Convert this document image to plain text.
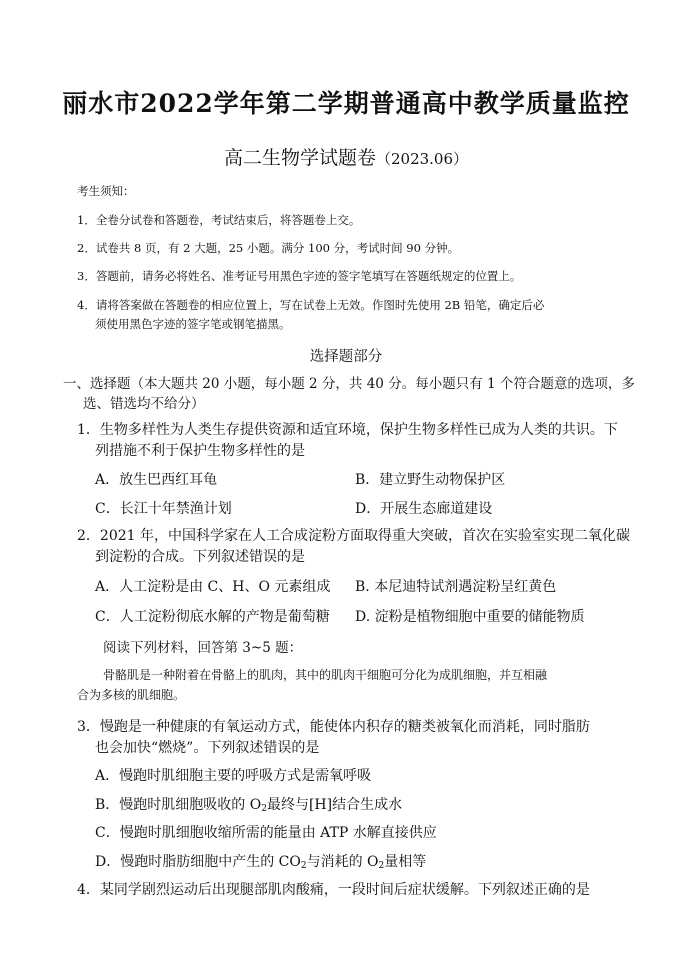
丽水市2022学年第二学期普通高中教学质量监控
高二生物学试题卷（2023.06）
考生须知：
1．全卷分试卷和答题卷，考试结束后，将答题卷上交。
2．试卷共 8 页，有 2 大题，25 小题。满分 100 分，考试时间 90 分钟。
3．答题前，请务必将姓名、准考证号用黑色字迹的签字笔填写在答题纸规定的位置上。
4．请将答案做在答题卷的相应位置上，写在试卷上无效。作图时先使用 2B 铅笔，确定后必
须使用黑色字迹的签字笔或钢笔描黑。
选择题部分
一、选择题（本大题共 20 小题，每小题 2 分，共 40 分。每小题只有 1 个符合题意的选项，多
选、错选均不给分）
1．生物多样性为人类生存提供资源和适宜环境，保护生物多样性已成为人类的共识。下
列措施不利于保护生物多样性的是
A．放生巴西红耳龟	B．建立野生动物保护区
C．长江十年禁渔计划	D．开展生态廊道建设
2．2021 年，中国科学家在人工合成淀粉方面取得重大突破，首次在实验室实现二氧化碳
到淀粉的合成。下列叙述错误的是
A．人工淀粉是由 C、H、O 元素组成 B. 本尼迪特试剂遇淀粉呈红黄色
C．人工淀粉彻底水解的产物是葡萄糖 D. 淀粉是植物细胞中重要的储能物质
阅读下列材料，回答第 3~5 题：
骨骼肌是一种附着在骨骼上的肌肉，其中的肌肉干细胞可分化为成肌细胞，并互相融
合为多核的肌细胞。
3．慢跑是一种健康的有氧运动方式，能使体内积存的糖类被氧化而消耗，同时脂肪
也会加快“燃烧”。下列叙述错误的是
A．慢跑时肌细胞主要的呼吸方式是需氧呼吸
B．慢跑时肌细胞吸收的 $O_2$最终与[H]结合生成水
C．慢跑时肌细胞收缩所需的能量由 ATP 水解直接供应
D．慢跑时脂肪细胞中产生的 $CO_2$与消耗的 $O_2$量相等
4．某同学剧烈运动后出现腿部肌肉酸痛，一段时间后症状缓解。下列叙述正确的是
